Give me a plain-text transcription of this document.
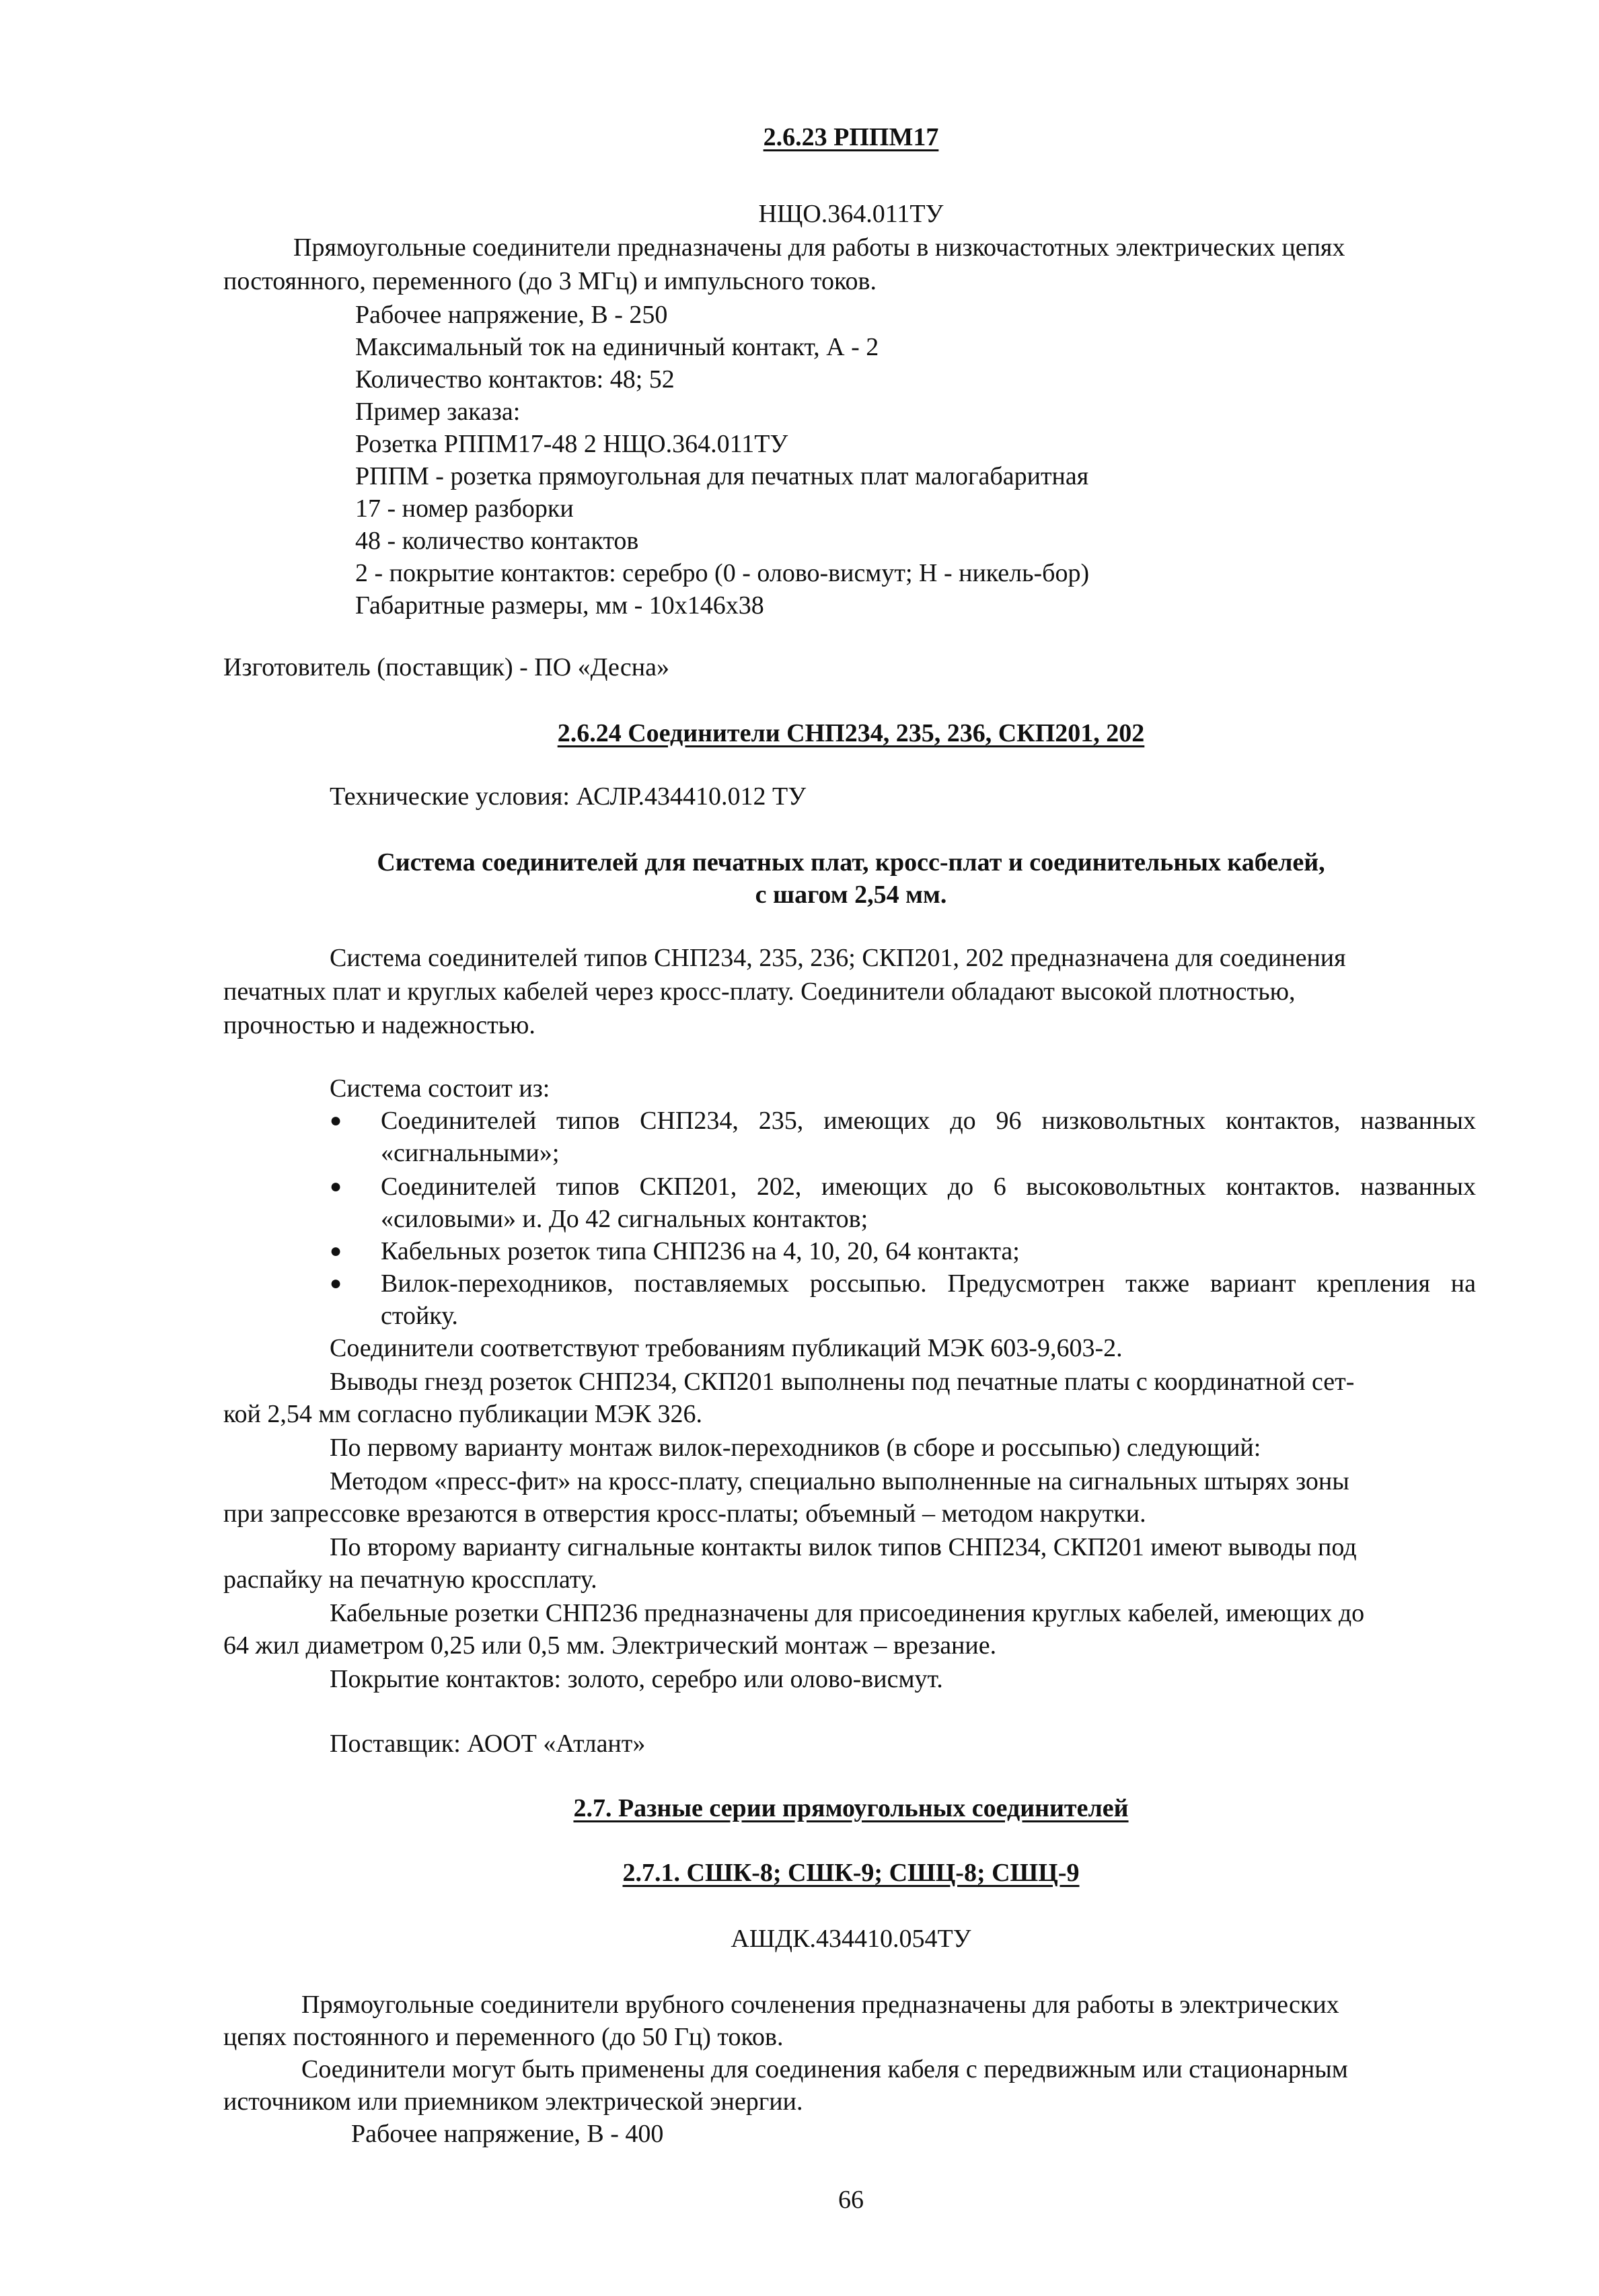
2.6.23 РППМ17
НЩО.364.011ТУ
Прямоугольные соединители предназначены для работы в низкочастотных электрических цепях
постоянного, переменного (до 3 МГц) и импульсного токов.
Рабочее напряжение, В - 250
Максимальный ток на единичный контакт, А - 2
Количество контактов: 48; 52
Пример заказа:
Розетка РППМ17-48 2 НЩО.364.011ТУ
РППМ - розетка прямоугольная для печатных плат малогабаритная
17 - номер разборки
48 - количество контактов
2 - покрытие контактов: серебро (0 - олово-висмут; Н - никель-бор)
Габаритные размеры, мм - 10х146х38
Изготовитель (поставщик) - ПО «Десна»
2.6.24 Соединители СНП234, 235, 236, СКП201, 202
Технические условия: АСЛР.434410.012 ТУ
Система соединителей для печатных плат, кросс-плат и соединительных кабелей,
с шагом 2,54 мм.
Система соединителей типов СНП234, 235, 236; СКП201, 202 предназначена для соединения
печатных плат и круглых кабелей через кросс-плату. Соединители обладают высокой плотностью,
прочностью и надежностью.
Система состоит из:
● Соединителей типов СНП234, 235, имеющих до 96 низковольтных контактов, названных
«сигнальными»;
● Соединителей типов СКП201, 202, имеющих до 6 высоковольтных контактов. названных
«силовыми» и. До 42 сигнальных контактов;
● Кабельных розеток типа СНП236 на 4, 10, 20, 64 контакта;
● Вилок-переходников, поставляемых россыпью. Предусмотрен также вариант крепления на
стойку.
Соединители соответствуют требованиям публикаций МЭК 603-9,603-2.
Выводы гнезд розеток СНП234, СКП201 выполнены под печатные платы с координатной сет-
кой 2,54 мм согласно публикации МЭК 326.
По первому варианту монтаж вилок-переходников (в сборе и россыпью) следующий:
Методом «пресс-фит» на кросс-плату, специально выполненные на сигнальных штырях зоны
при запрессовке врезаются в отверстия кросс-платы; объемный – методом накрутки.
По второму варианту сигнальные контакты вилок типов СНП234, СКП201 имеют выводы под
распайку на печатную кроссплату.
Кабельные розетки СНП236 предназначены для присоединения круглых кабелей, имеющих до
64 жил диаметром 0,25 или 0,5 мм. Электрический монтаж – врезание.
Покрытие контактов: золото, серебро или олово-висмут.
Поставщик: АООТ «Атлант»
2.7. Разные серии прямоугольных соединителей
2.7.1. СШК-8; СШК-9; СШЦ-8; СШЦ-9
АШДК.434410.054ТУ
Прямоугольные соединители врубного сочленения предназначены для работы в электрических
цепях постоянного и переменного (до 50 Гц) токов.
Соединители могут быть применены для соединения кабеля с передвижным или стационарным
источником или приемником электрической энергии.
Рабочее напряжение, В - 400
66
